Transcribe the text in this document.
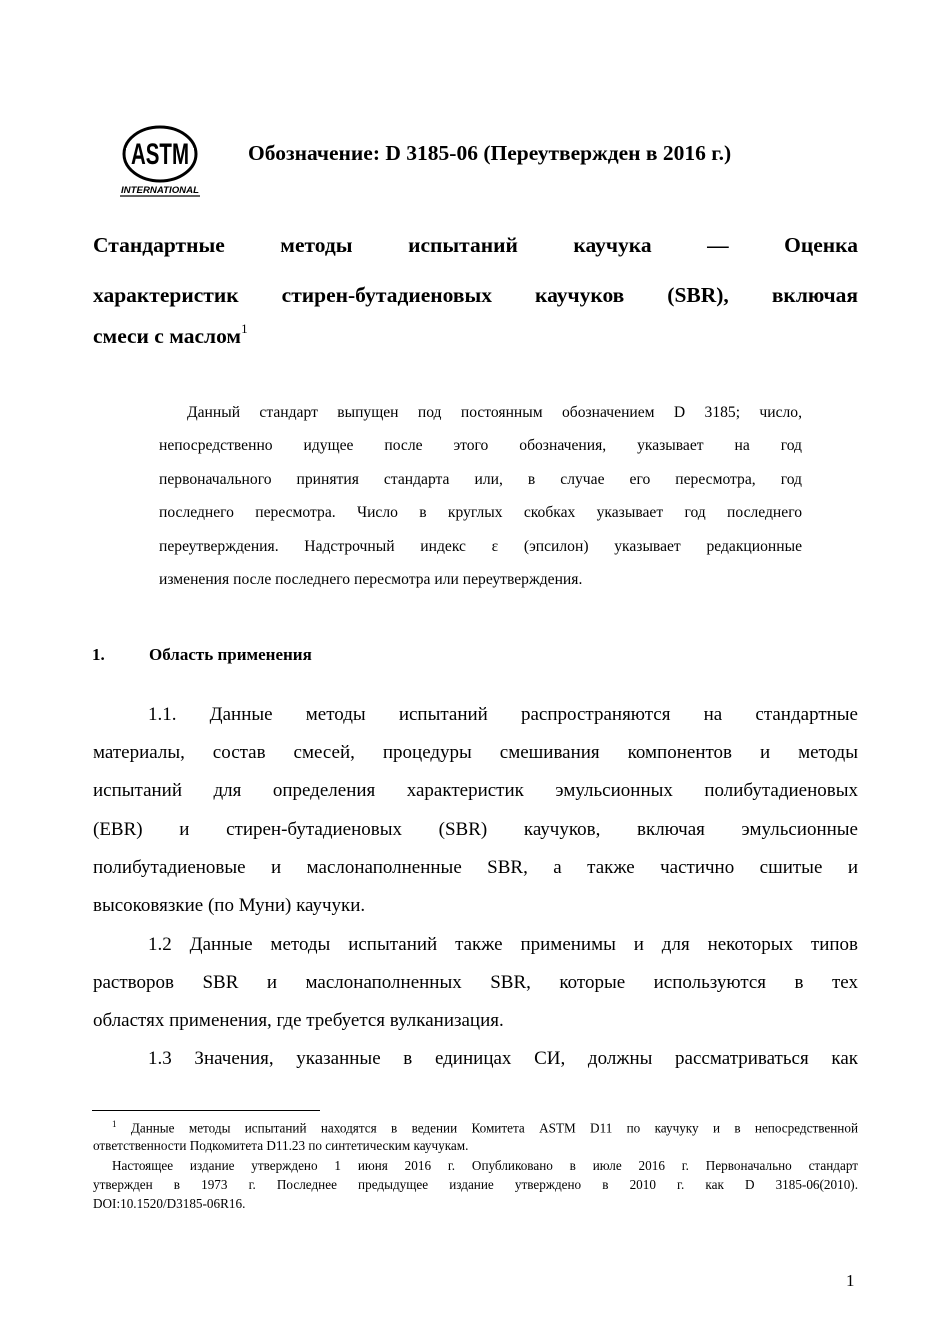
ASTM
INTERNATIONAL
Обозначение: D 3185-06 (Переутвержден в 2016 г.)
Стандартные методы испытаний каучука — Оценка
характеристик стирен-бутадиеновых каучуков (SBR), включая
смеси с маслом$^1$
Данный стандарт выпущен под постоянным обозначением D 3185; число,
непосредственно идущее после этого обозначения, указывает на год
первоначального принятия стандарта или, в случае его пересмотра, год
последнего пересмотра. Число в круглых скобках указывает год последнего
переутверждения. Надстрочный индекс ε (эпсилон) указывает редакционные
изменения после последнего пересмотра или переутверждения.
1.	Область применения
1.1. Данные методы испытаний распространяются на стандартные
материалы, состав смесей, процедуры смешивания компонентов и методы
испытаний для определения характеристик эмульсионных полибутадиеновых
(EBR) и стирен-бутадиеновых (SBR) каучуков, включая эмульсионные
полибутадиеновые и маслонаполненные SBR, а также частично сшитые и
высоковязкие (по Муни) каучуки.
1.2 Данные методы испытаний также применимы и для некоторых типов
растворов SBR и маслонаполненных SBR, которые используются в тех
областях применения, где требуется вулканизация.
1.3 Значения, указанные в единицах СИ, должны рассматриваться как
$^1$ Данные методы испытаний находятся в ведении Комитета ASTM D11 по каучуку и в непосредственной
ответственности Подкомитета D11.23 по синтетическим каучукам.
Настоящее издание утверждено 1 июня 2016 г. Опубликовано в июле 2016 г. Первоначально стандарт
утвержден в 1973 г. Последнее предыдущее издание утверждено в 2010 г. как D 3185-06(2010).
DOI:10.1520/D3185-06R16.
1
